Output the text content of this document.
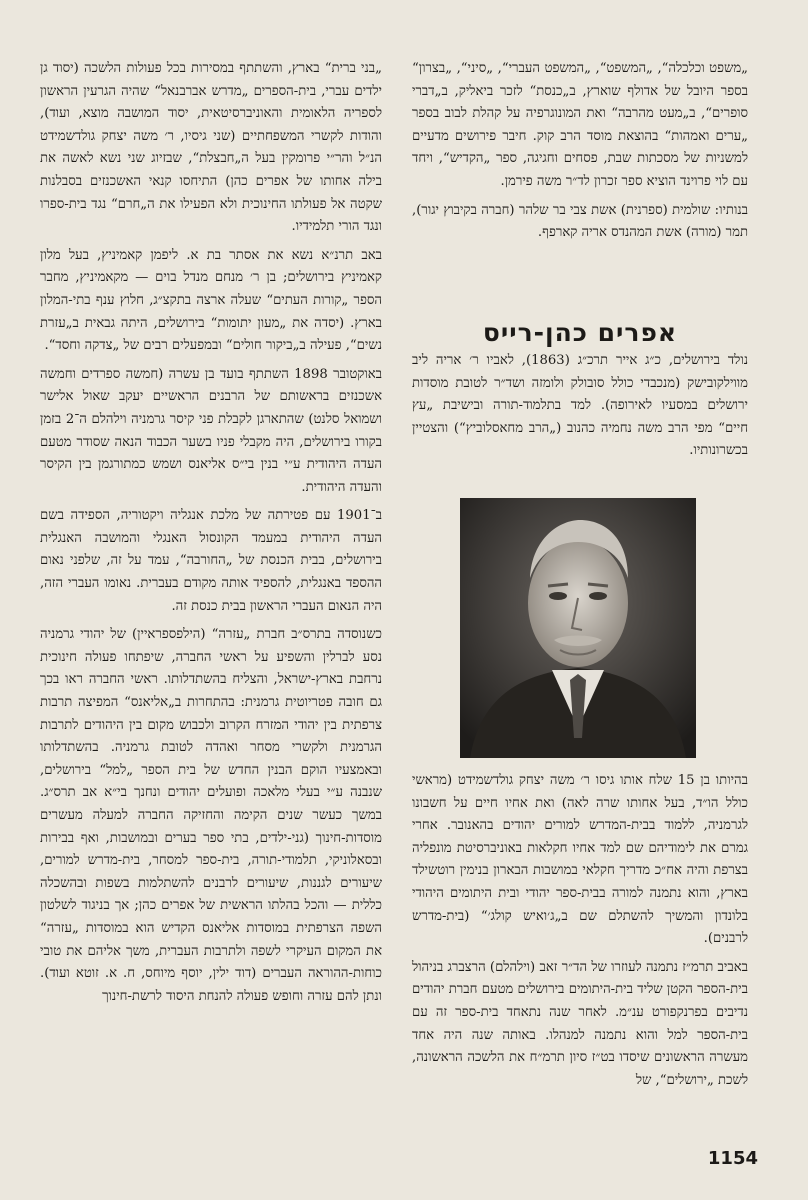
„משפט וכלכלה“, „המשפט“, „המשפט העברי“, „סיני“, „בצרון“ בספר היובל של אדולף שוארץ, ב„כנסת“ לזכר ביאליק, ב„דברי סופרים“, ב„מעט מהרבה“ ואת המונוגרפיה על קהלת לבוב בספר „ערים ואמהות“ בהוצאת מוסד הרב קוק. חיבר פירושים מדעיים למשניות של מסכתות שבת, פסחים וחגיגה, ספר „הקדיש“, ויחד עם לוי פרוינד הוציא ספר זכרון לד״ר משה פירמן.

בנותיו: שולמית (ספרנית) אשת צבי בר שלהר (חברה בקיבוץ יגור), תמר (מורה) אשת המהנדס אריה קארפף.

אפרים כהן-רייס

נולד בירושלים, כ״ג אייר תרכ״ג (1863), לאביו ר׳ אריה ליב מווילקובישק (מנכבדי כולל סובולק ולומזה ושד״ר לטובת מוסדות ירושלים במסעיו לאירופה). למד בתלמוד-תורה ובישיבת „עץ חיים“ מפי הרב משה נחמיה כהנוב („הרב מחאסלוביץ“) והצטיין בכשרונותיו.

בהיותו בן 15 שלח אותו גיסו ר׳ משה יצחק גולדשמידט (מראשי כולל הו״ד, בעל אחותו שרה לאה) ואת אחיו חיים על חשבונו לגרמניה, ללמוד בבית-המדרש למורים יהודים בהאנובר. אחרי גמרם את לימודיהם שם למד אחיו חקלאות באוניברסיטת מונפליה בצרפת והיה אח״כ מדריך חקלאי במושבות הבארון בנימין רוטשילד בארץ, והוא נתמנה למורה בבית-ספר יהודי ובית היתומים היהודי בלונדון והמשיך להשתלם שם ב„ג׳ואיש קולג׳“ (בית-מדרש לרבנים).

באביב תרמ״ז נתמנה לעוזרו של הד״ר זאב (וילהלם) הרצברג בניהול בית-הספר הקטן שליד בית-היתומים בירושלים מטעם חברת יהודים נדיבים בפרנקפורט ענ״מ. לאחר שנה נתאחד בית-ספר זה עם בית-הספר למל והוא נתמנה למנהלו. באותה שנה היה אחד מעשרה הראשונים שיסדו בט״ז סיון תרמ״ח את הלשכה הראשונה, לשכת „ירושלים“, של

„בני ברית“ בארץ, והשתתף במסירות בכל פעולות הלשכה (יסוד גן ילדים עברי, בית-הספרים „מדרש אברבנאל“ שהיה הגרעין הראשון לספריה הלאומית והאוניברסיטאית, יסוד המושבה מוצא, ועוד), והודות לקשרי המשפחתיים (שני גיסיו, ר׳ משה יצחק גולדשמידט הנ״ל והר״י פרומקין בעל ה„חבצלת“, שבזיוג שני נשא לאשה את בילה אחותו של אפרים כהן) התיחסו קנאי האשכנזים בסבלנות שקטה אל פעולתו החינוכית ולא הפעילו את ה„חרם“ נגד בית-ספרו ונגד הורי תלמידיו.

באב תרנ״א נשא את אסתר בת א. ליפמן קאמיניץ, בעל מלון קאמיניץ בירושלים; בן ר׳ מנחם מנדל בוים — מקאמיניץ, מחבר הספר „קורות העתים“ שעלה ארצה בתקצ״ג, חלוץ ענף בתי-המלון בארץ. (יסדה את „מעון יתומות“ בירושלים, היתה גבאית ב„עזרת נשים“, פעילה ב„ביקור חולים“ ובמפעלים רבים של „צדקה וחסד“.

באוקטובר 1898 השתתף בועד בן עשרה (חמשה ספרדים וחמשה אשכנזים בראשותם של הרבנים הראשיים יעקב שאול אלישר ושמואל סלנט) שהתארגן לקבלת פני קיסר גרמניה וילהלם ה־2 בזמן בקורו בירושלים, היה מקבלי פניו בשער הכבוד הנאה שסודר מטעם העדה היהודית ע״י בנין בי״ס אליאנס ושמש כמתורגמן בין הקיסר והעדה היהודית.

ב־1901 עם פטירתה של מלכת אנגליה ויקטוריה, הספידה בשם העדה היהודית במעמד הקונסול האנגלי והמושבה האנגלית בירושלים, בבית הכנסת של „החורבה“, עמד על זה, שלפני נאום ההספד באנגלית, להספיד אותה מקודם בעברית. נאומו העברי הזה, היה הנאום העברי הראשון בבית כנסת זה.

כשנוסדה בתרס״ב חברת „עזרה“ (הילפספראיין) של יהודי גרמניה נסע לברלין והשפיע על ראשי החברה, שיפתחו פעולה חינוכית נרחבת בארץ-ישראל, והצליח בהשתדלותו. ראשי החברה ראו בכך גם חובה פטריוטית גרמנית: בהתחרות ב„אליאנס“ המפיצה תרבות צרפתית בין יהודי המזרח הקרוב ולכבוש מקום בין היהודים לתרבות הגרמנית ולקשרי מסחר ואהדה לטובת גרמניה. בהשתדלותו ובאמצעיו הוקם הבנין החדש של בית הספר „למל“ בירושלים, שנבנה ע״י בעלי מלאכה ופועלים יהודים ונחנך בי״א אב תרס״ג. במשך כעשר שנים הקימה והחזיקה החברה למעלה מעשרים מוסדות-חינוך (גני-ילדים, בתי ספר בערים ובמושבות, ואף בבירות ובסאלוניקי, תלמודי-תורה, בית-ספר למסחר, בית-מדרש למורים, שיעורים לגננות, שיעורים לרבנים להשתלמות בשפות ובהשכלה כללית — והכל בהלתו הראשית של אפרים כהן; אך בניגוד לשלטון השפה הצרפתית במוסדות אליאנס הקדיש הוא במוסדות „עזרה“ את המקום העיקרי לשפה ולתרבות העברית, משך אליהם את טובי כוחות-ההוראה העברים (דוד ילין, יוסף מיוחס, ח. א. זוטא ועוד). ונתן להם עזרה וחופש פעולה להנחת היסוד לרשת-חינוך

1154
